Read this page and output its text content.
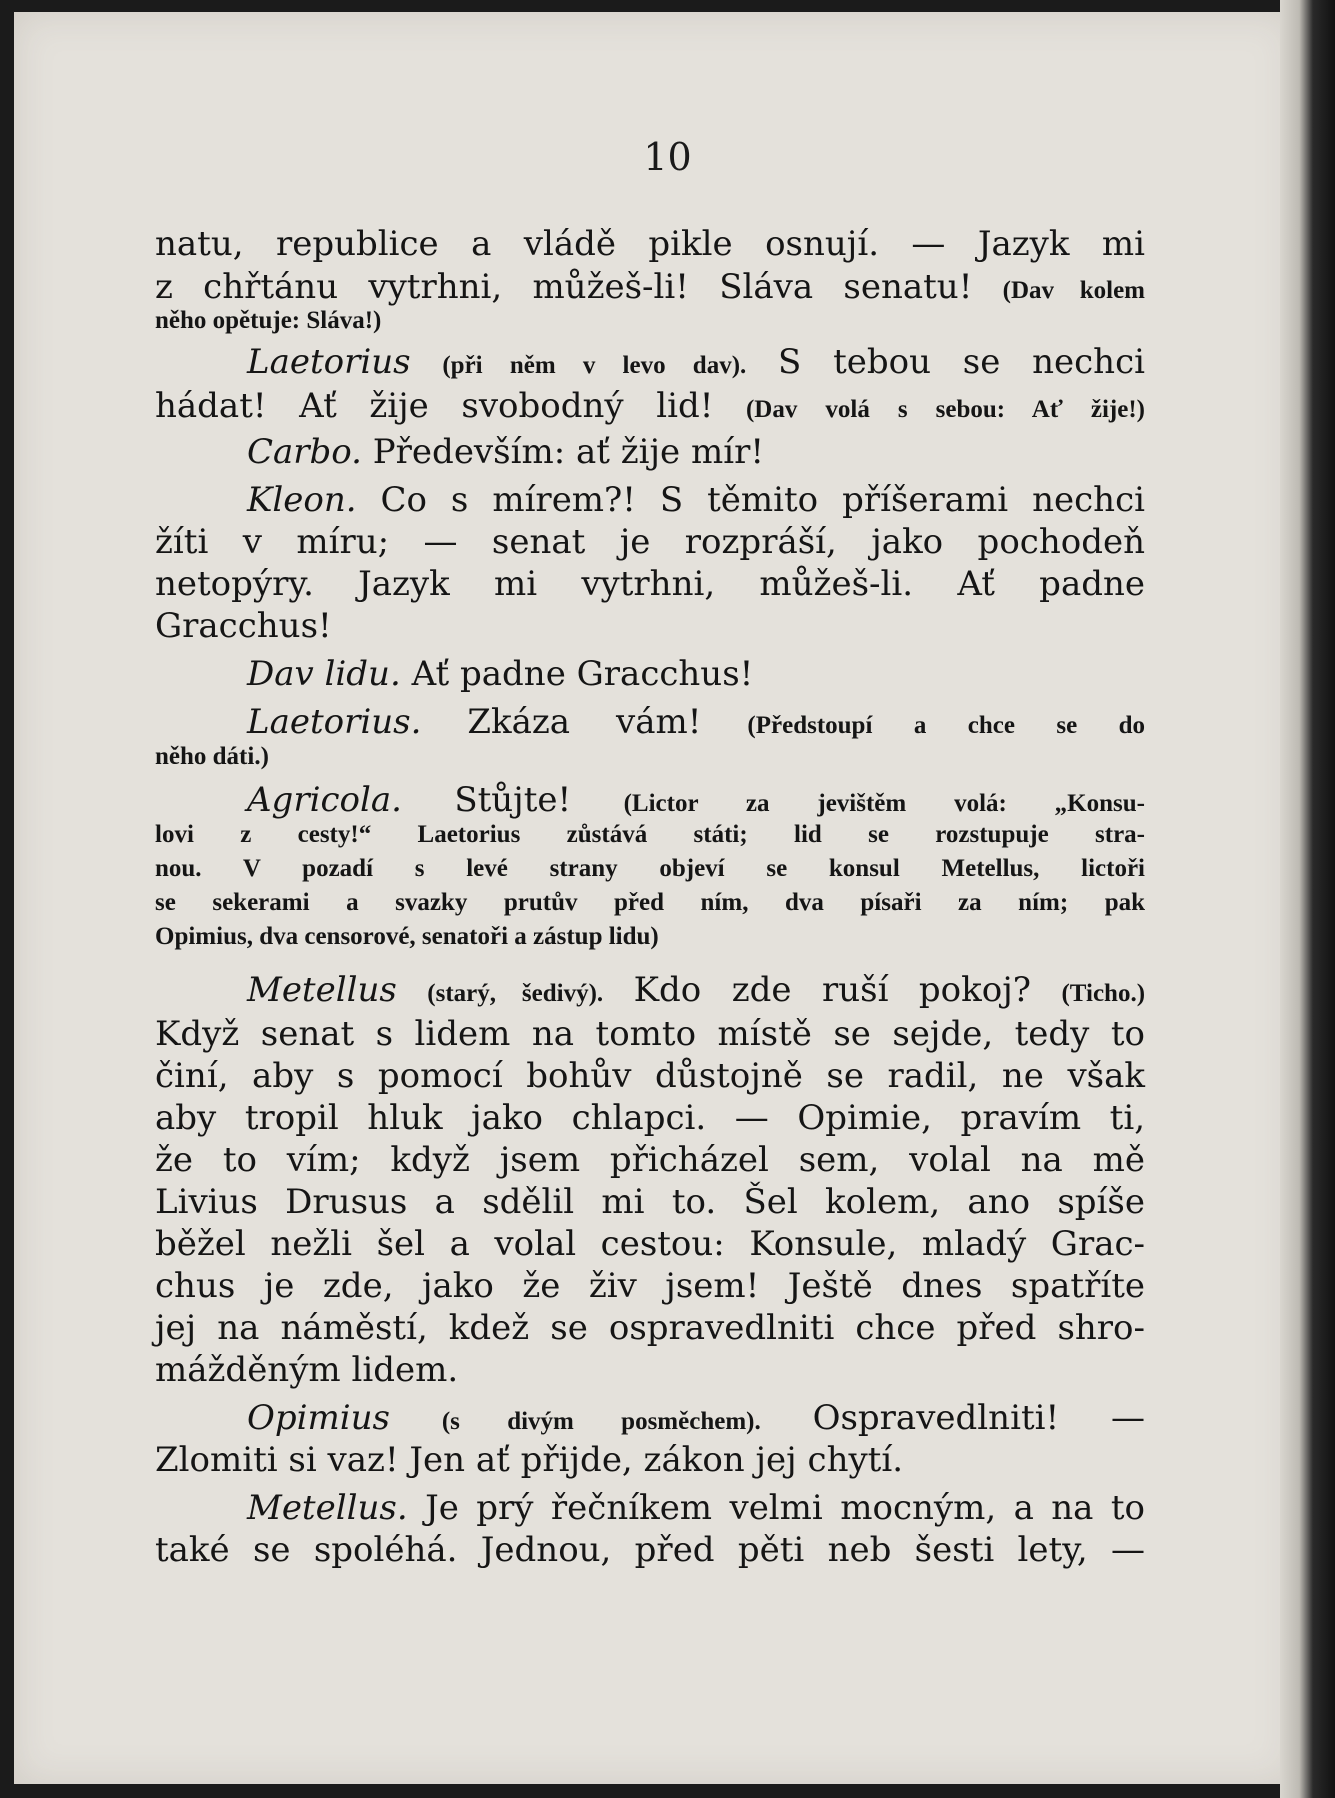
10
natu, republice a vládě pikle osnují. — Jazyk mi
z chřtánu vytrhni, můžeš-li! Sláva senatu! (Dav kolem
něho opětuje: Sláva!)
Laetorius (při něm v levo dav). S tebou se nechci
hádat! Ať žije svobodný lid! (Dav volá s sebou: Ať žije!)
Carbo. Především: ať žije mír!
Kleon. Co s mírem?! S těmito příšerami nechci
žíti v míru; — senat je rozpráší, jako pochodeň
netopýry. Jazyk mi vytrhni, můžeš-li. Ať padne
Gracchus!
Dav lidu. Ať padne Gracchus!
Laetorius. Zkáza vám! (Předstoupí a chce se do
něho dáti.)
Agricola. Stůjte! (Lictor za jevištěm volá: „Konsu-
lovi z cesty!“ Laetorius zůstává státi; lid se rozstupuje stra-
nou. V pozadí s levé strany objeví se konsul Metellus, lictoři
se sekerami a svazky prutův před ním, dva písaři za ním; pak
Opimius, dva censorové, senatoři a zástup lidu)
Metellus (starý, šedivý). Kdo zde ruší pokoj? (Ticho.)
Když senat s lidem na tomto místě se sejde, tedy to
činí, aby s pomocí bohův důstojně se radil, ne však
aby tropil hluk jako chlapci. — Opimie, pravím ti,
že to vím; když jsem přicházel sem, volal na mě
Livius Drusus a sdělil mi to. Šel kolem, ano spíše
běžel nežli šel a volal cestou: Konsule, mladý Grac-
chus je zde, jako že živ jsem! Ještě dnes spatříte
jej na náměstí, kdež se ospravedlniti chce před shro-
mážděným lidem.
Opimius (s divým posměchem). Ospravedlniti! —
Zlomiti si vaz! Jen ať přijde, zákon jej chytí.
Metellus. Je prý řečníkem velmi mocným, a na to
také se spoléhá. Jednou, před pěti neb šesti lety, —
